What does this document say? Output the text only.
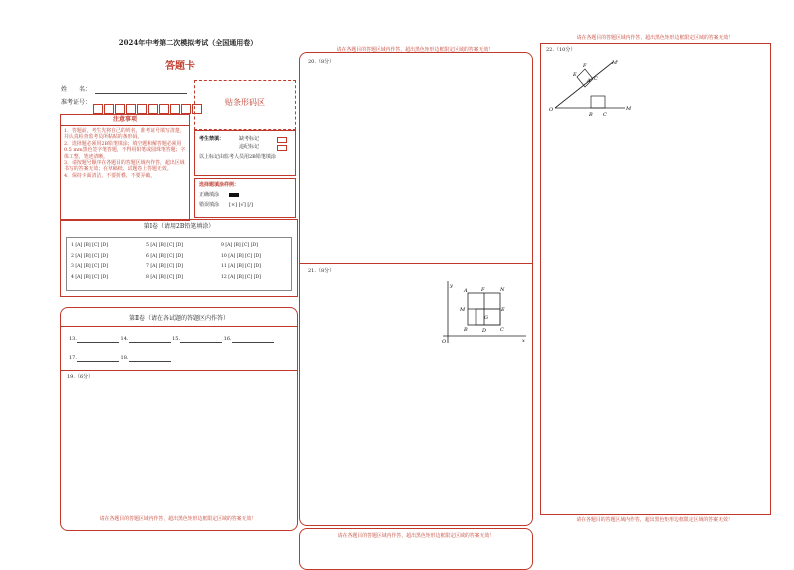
2024年中考第二次模拟考试（全国通用卷）
答题卡
姓　　名：
准考证号：	贴条形码区
注意事项
1．答题前，考生先将自己的姓名，准考证号填写清楚，并认真检查监考员所粘贴的条形码。
2．选择题必须用2B铅笔填涂；填空题和解答题必须用0.5 mm黑色签字笔答题，不得用铅笔或圆珠笔答题；字体工整、笔迹清晰。
3．请按题号顺序在各题目的答题区域内作答，超出区域书写的答案无效；在草稿纸、试题卷上答题无效。
4．保持卡面清洁，不要折叠、不要弄破。
考生禁填：	缺考标记
违纪标记
以上标记由监考人员用2B铅笔填涂
选择题填涂样例：
正确填涂
错误填涂 [×] [√] [/]
第Ⅰ卷（请用2B铅笔填涂）
1 [A] [B] [C] [D]	5 [A] [B] [C] [D]	9 [A] [B] [C] [D]
2 [A] [B] [C] [D]	6 [A] [B] [C] [D]	10 [A] [B] [C] [D]
3 [A] [B] [C] [D]	7 [A] [B] [C] [D]	11 [A] [B] [C] [D]
4 [A] [B] [C] [D]	8 [A] [B] [C] [D]	12 [A] [B] [C] [D]
第Ⅱ卷（请在各试题的答题区内作答）
13.	14.	15.	16.
17.	18.
19.（6分）
请在各题目的答题区域内作答，超出黑色矩形边框限定区域的答案无效！
请在各题目的答题区域内作答，超出黑色矩形边框限定区域的答案无效！
20.（8分）
21.（8分）
y
A	F	N
M
G
E
B	D	C
O	x
请在各题目的答题区域内作答，超出黑色矩形边框限定区域的答案无效！
请在各题目的答题区域内作答，超出黑色矩形边框限定区域的答案无效！
22.（10分）
E
F	M'
A C
O
B C
M
请在各题目的答题区域内作答，超出黑色矩形边框限定区域的答案无效！
